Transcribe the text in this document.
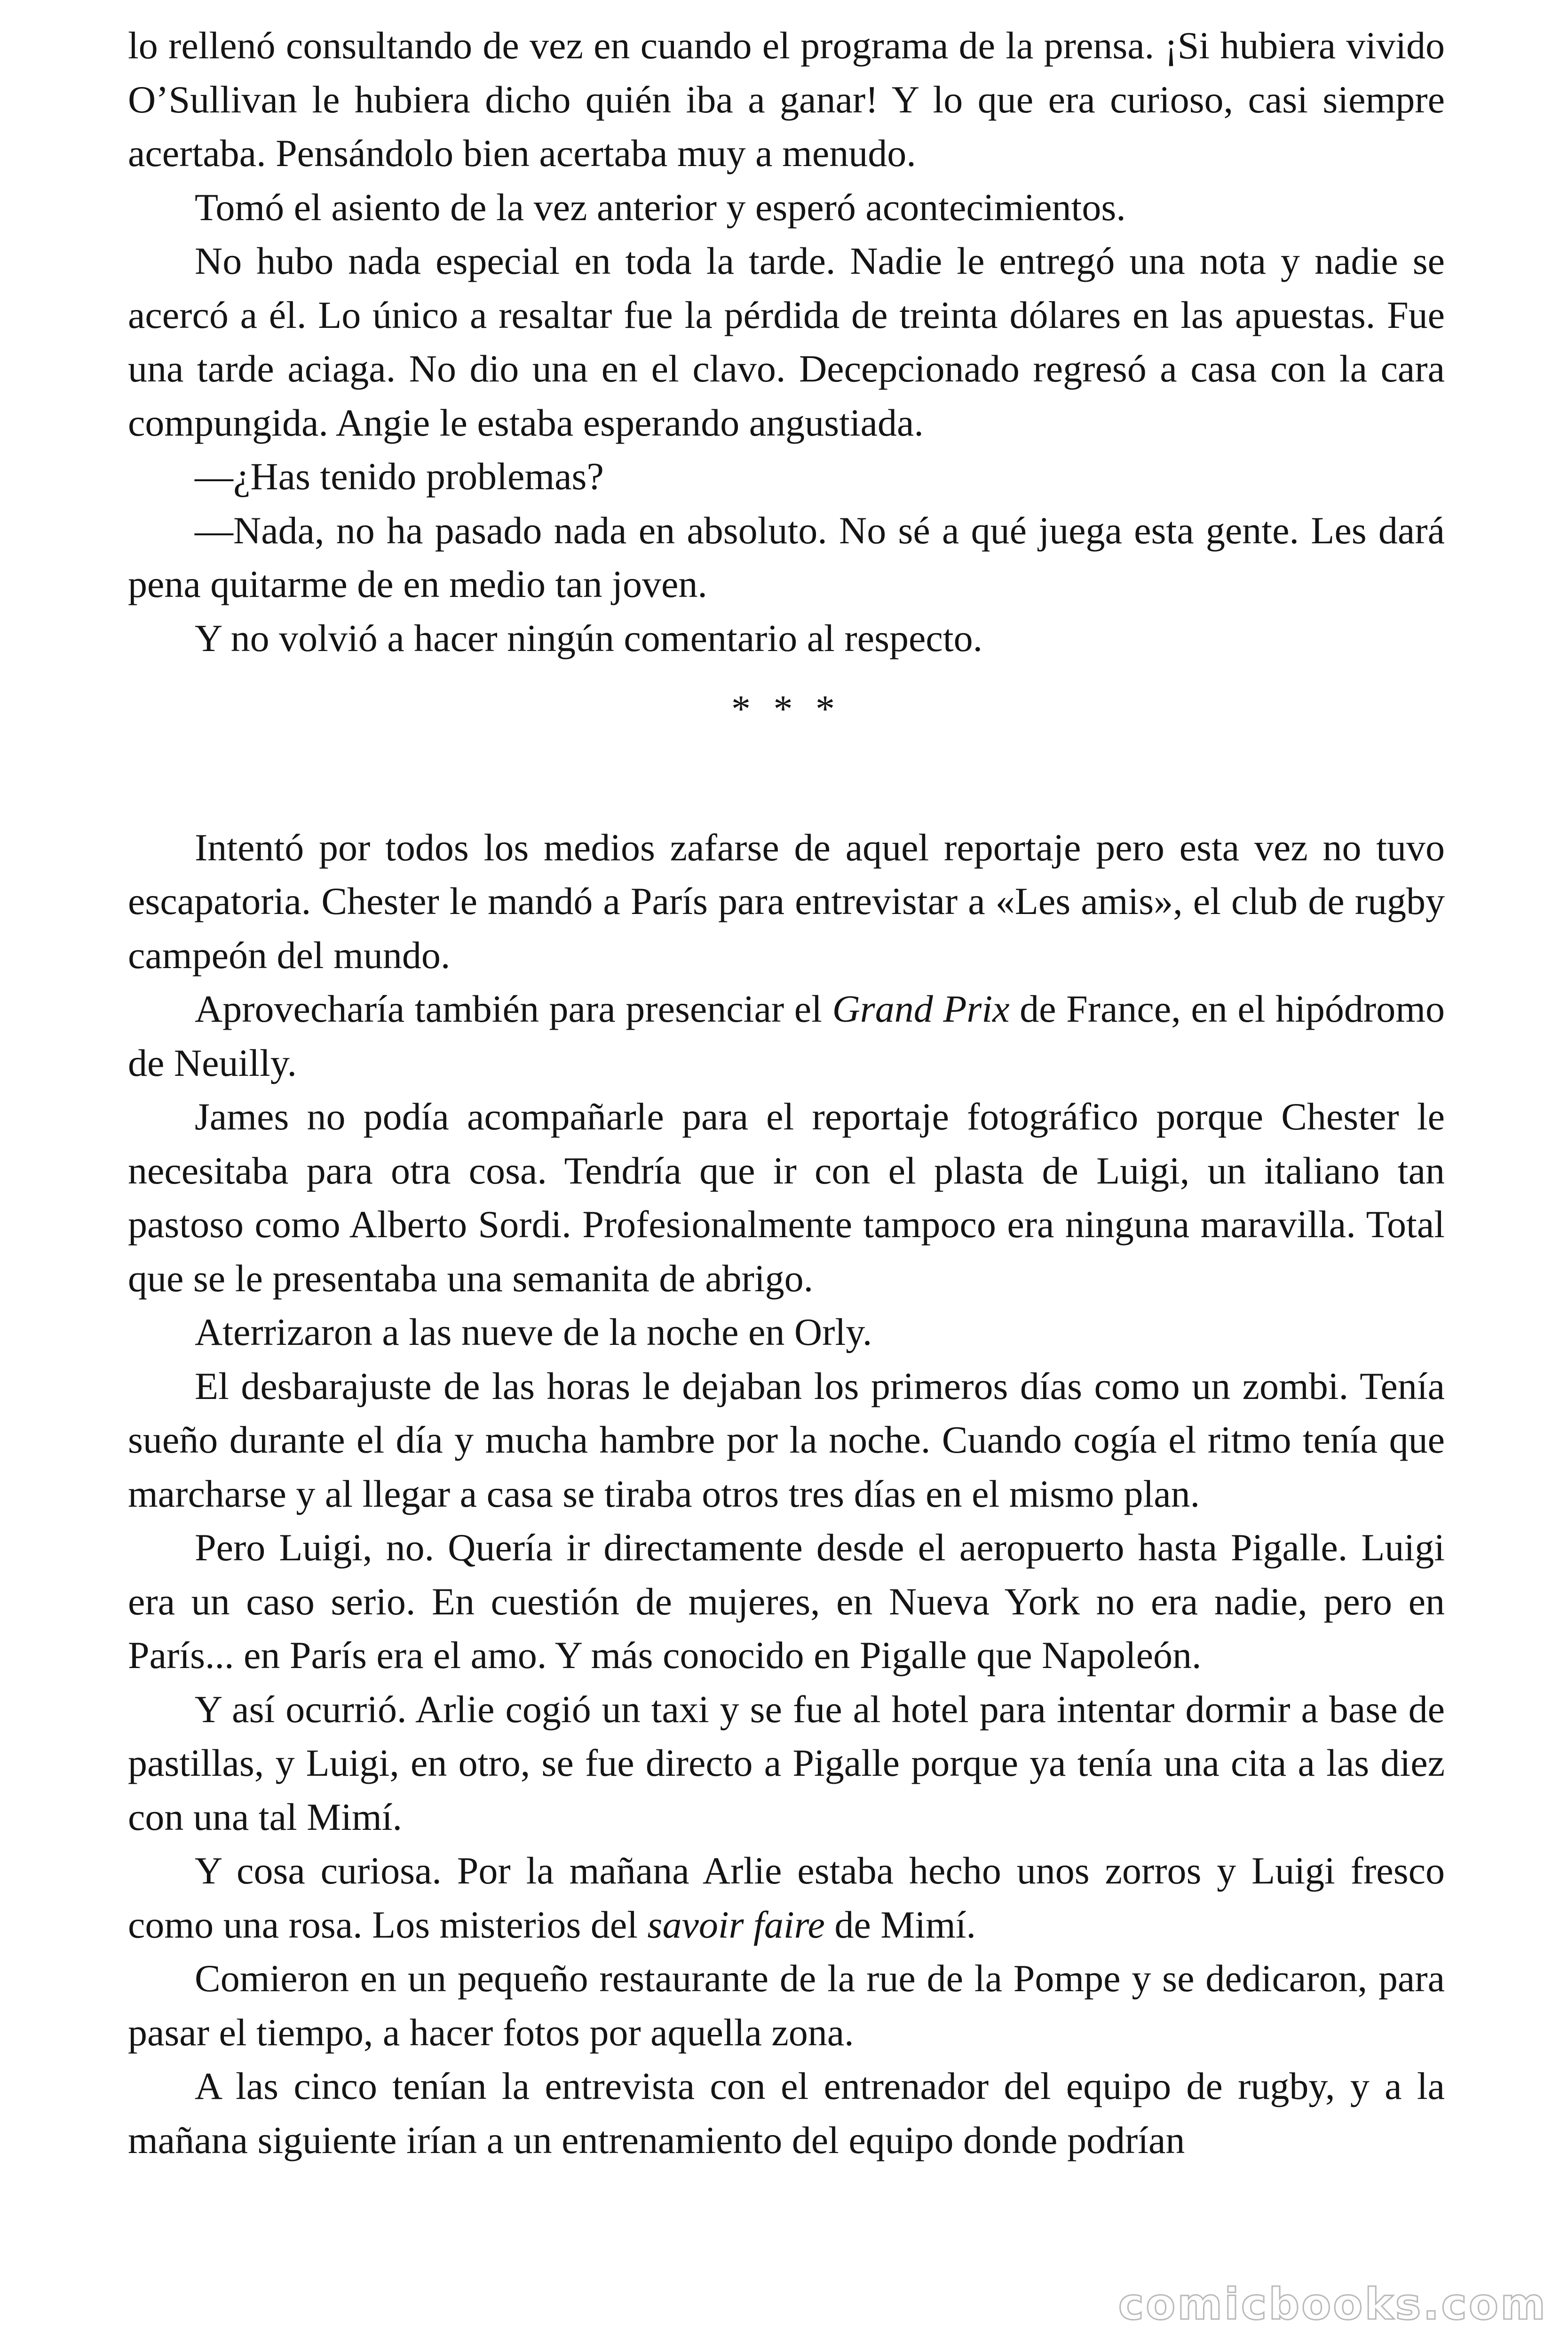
lo rellenó consultando de vez en cuando el programa de la prensa. ¡Si hubiera vivido O’Sullivan le hubiera dicho quién iba a ganar! Y lo que era curioso, casi siempre acertaba. Pensándolo bien acertaba muy a menudo.

Tomó el asiento de la vez anterior y esperó acontecimientos.

No hubo nada especial en toda la tarde. Nadie le entregó una nota y nadie se acercó a él. Lo único a resaltar fue la pérdida de treinta dólares en las apuestas. Fue una tarde aciaga. No dio una en el clavo. Decepcionado regresó a casa con la cara compungida. Angie le estaba esperando angustiada.

—¿Has tenido problemas?

—Nada, no ha pasado nada en absoluto. No sé a qué juega esta gente. Les dará pena quitarme de en medio tan joven.

Y no volvió a hacer ningún comentario al respecto.

* * *

Intentó por todos los medios zafarse de aquel reportaje pero esta vez no tuvo escapatoria. Chester le mandó a París para entrevistar a «Les amis», el club de rugby campeón del mundo.

Aprovecharía también para presenciar el Grand Prix de France, en el hipódromo de Neuilly.

James no podía acompañarle para el reportaje fotográfico porque Chester le necesitaba para otra cosa. Tendría que ir con el plasta de Luigi, un italiano tan pastoso como Alberto Sordi. Profesionalmente tampoco era ninguna maravilla. Total que se le presentaba una semanita de abrigo.

Aterrizaron a las nueve de la noche en Orly.

El desbarajuste de las horas le dejaban los primeros días como un zombi. Tenía sueño durante el día y mucha hambre por la noche. Cuando cogía el ritmo tenía que marcharse y al llegar a casa se tiraba otros tres días en el mismo plan.

Pero Luigi, no. Quería ir directamente desde el aeropuerto hasta Pigalle. Luigi era un caso serio. En cuestión de mujeres, en Nueva York no era nadie, pero en París... en París era el amo. Y más conocido en Pigalle que Napoleón.

Y así ocurrió. Arlie cogió un taxi y se fue al hotel para intentar dormir a base de pastillas, y Luigi, en otro, se fue directo a Pigalle porque ya tenía una cita a las diez con una tal Mimí.

Y cosa curiosa. Por la mañana Arlie estaba hecho unos zorros y Luigi fresco como una rosa. Los misterios del savoir faire de Mimí.

Comieron en un pequeño restaurante de la rue de la Pompe y se dedicaron, para pasar el tiempo, a hacer fotos por aquella zona.

A las cinco tenían la entrevista con el entrenador del equipo de rugby, y a la mañana siguiente irían a un entrenamiento del equipo donde podrían

comicbooks.com
